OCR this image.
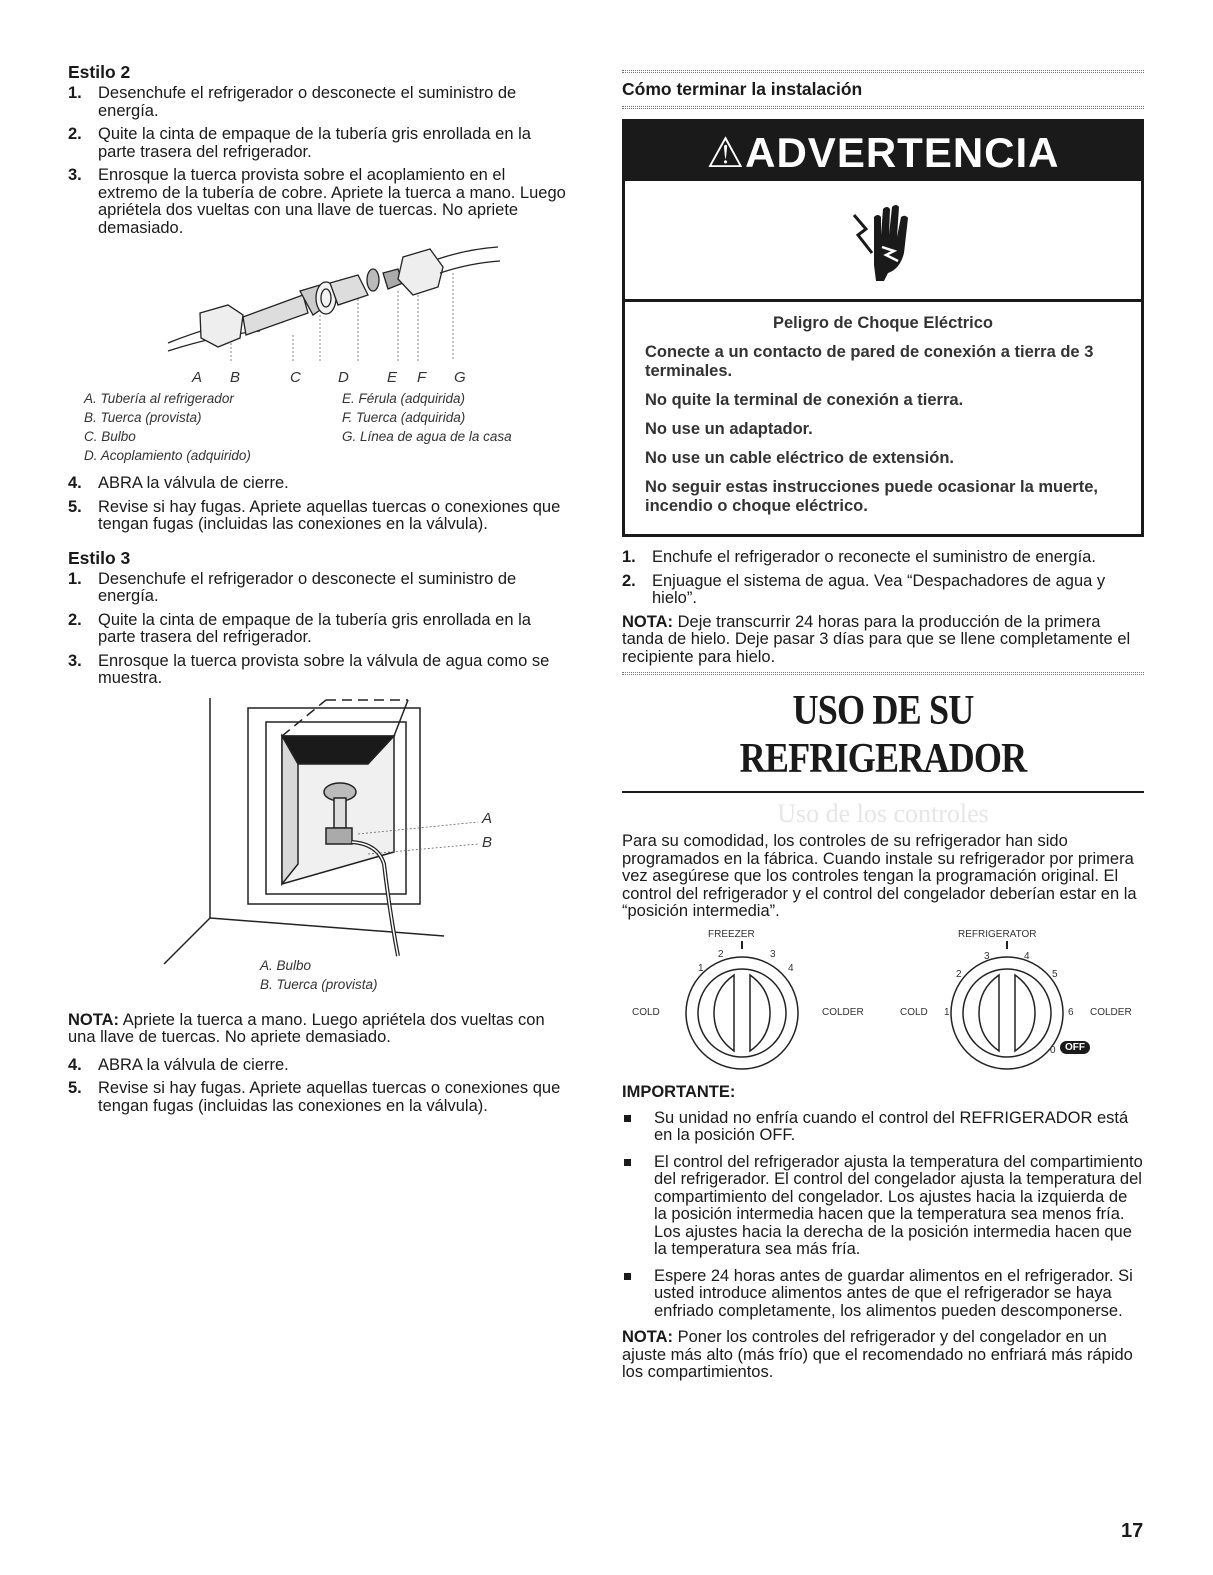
Estilo 2
1. Desenchufe el refrigerador o desconecte el suministro de energía.
2. Quite la cinta de empaque de la tubería gris enrollada en la parte trasera del refrigerador.
3. Enrosque la tuerca provista sobre el acoplamiento en el extremo de la tubería de cobre. Apriete la tuerca a mano. Luego apriétela dos vueltas con una llave de tuercas. No apriete demasiado.
A B	C D	E F G
A. Tubería al refrigerador
B. Tuerca (provista)
C. Bulbo
D. Acoplamiento (adquirido)
E. Férula (adquirida)
F. Tuerca (adquirida)
G. Línea de agua de la casa
4. ABRA la válvula de cierre.
5. Revise si hay fugas. Apriete aquellas tuercas o conexiones que tengan fugas (incluidas las conexiones en la válvula).
Estilo 3
1. Desenchufe el refrigerador o desconecte el suministro de energía.
2. Quite la cinta de empaque de la tubería gris enrollada en la parte trasera del refrigerador.
3. Enrosque la tuerca provista sobre la válvula de agua como se muestra.
A
B
A. Bulbo
B. Tuerca (provista)

NOTA: Apriete la tuerca a mano. Luego apriétela dos vueltas con una llave de tuercas. No apriete demasiado.

4. ABRA la válvula de cierre.
5. Revise si hay fugas. Apriete aquellas tuercas o conexiones que tengan fugas (incluidas las conexiones en la válvula).
Cómo terminar la instalación
⚠ADVERTENCIA
Peligro de Choque Eléctrico
Conecte a un contacto de pared de conexión a tierra de 3 terminales.
No quite la terminal de conexión a tierra.
No use un adaptador.
No use un cable eléctrico de extensión.
No seguir estas instrucciones puede ocasionar la muerte, incendio o choque eléctrico.
1. Enchufe el refrigerador o reconecte el suministro de energía.
2. Enjuague el sistema de agua. Vea “Despachadores de agua y hielo”.

NOTA: Deje transcurrir 24 horas para la producción de la primera tanda de hielo. Deje pasar 3 días para que se llene completamente el recipiente para hielo.

USO DE SU REFRIGERADOR
Uso de los controles

Para su comodidad, los controles de su refrigerador han sido programados en la fábrica. Cuando instale su refrigerador por primera vez asegúrese que los controles tengan la programación original. El control del refrigerador y el control del congelador deberían estar en la “posición intermedia”.

FREEZER	REFRIGERATOR
COLD	COLDER
1
2	3
4
COLD	COLDER
1
2
3	4
5
6
0 OFF
IMPORTANTE:
Su unidad no enfría cuando el control del REFRIGERADOR está en la posición OFF.
El control del refrigerador ajusta la temperatura del compartimiento del refrigerador. El control del congelador ajusta la temperatura del compartimiento del congelador. Los ajustes hacia la izquierda de la posición intermedia hacen que la temperatura sea menos fría. Los ajustes hacia la derecha de la posición intermedia hacen que la temperatura sea más fría.
Espere 24 horas antes de guardar alimentos en el refrigerador. Si usted introduce alimentos antes de que el refrigerador se haya enfriado completamente, los alimentos pueden descomponerse.

NOTA: Poner los controles del refrigerador y del congelador en un ajuste más alto (más frío) que el recomendado no enfriará más rápido los compartimientos.

17
